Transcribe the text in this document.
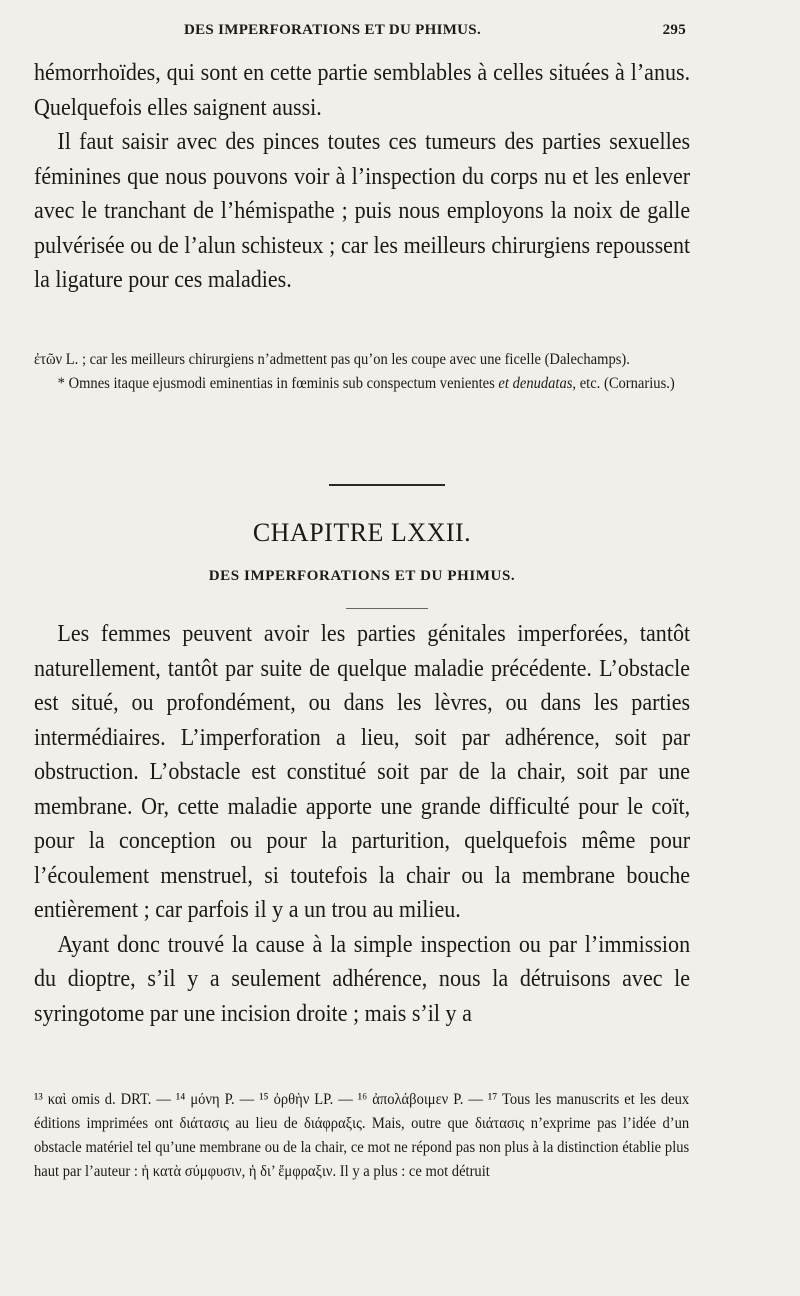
DES IMPERFORATIONS ET DU PHIMUS.	295

hémorrhoïdes, qui sont en cette partie semblables à celles situées à l’anus. Quelquefois elles saignent aussi.

Il faut saisir avec des pinces toutes ces tumeurs des parties sexuelles féminines que nous pouvons voir à l’inspection du corps nu et les enlever avec le tranchant de l’hémispathe ; puis nous employons la noix de galle pulvérisée ou de l’alun schisteux ; car les meilleurs chirurgiens repoussent la ligature pour ces maladies.

ἐτῶν L. ; car les meilleurs chirurgiens n’admettent pas qu’on les coupe avec une ficelle (Dalechamps).

* Omnes itaque ejusmodi eminentias in fœminis sub conspectum venientes et denudatas, etc. (Cornarius.)

CHAPITRE LXXII.
DES IMPERFORATIONS ET DU PHIMUS.

Les femmes peuvent avoir les parties génitales imperforées, tantôt naturellement, tantôt par suite de quelque maladie précédente. L’obstacle est situé, ou profondément, ou dans les lèvres, ou dans les parties intermédiaires. L’imperforation a lieu, soit par adhérence, soit par obstruction. L’obstacle est constitué soit par de la chair, soit par une membrane. Or, cette maladie apporte une grande difficulté pour le coït, pour la conception ou pour la parturition, quelquefois même pour l’écoulement menstruel, si toutefois la chair ou la membrane bouche entièrement ; car parfois il y a un trou au milieu.

Ayant donc trouvé la cause à la simple inspection ou par l’immission du dioptre, s’il y a seulement adhérence, nous la détruisons avec le syringotome par une incision droite ; mais s’il y a

¹³ καὶ omis d. DRT. — ¹⁴ μόνη P. — ¹⁵ ὀρθὴν LP. — ¹⁶ ἀπολάβοιμεν P. — ¹⁷ Tous les manuscrits et les deux éditions imprimées ont διάτασις au lieu de διάφραξις. Mais, outre que διάτασις n’exprime pas l’idée d’un obstacle matériel tel qu’une membrane ou de la chair, ce mot ne répond pas non plus à la distinction établie plus haut par l’auteur : ἡ κατὰ σύμφυσιν, ἡ δι’ ἔμφραξιν. Il y a plus : ce mot détruit
